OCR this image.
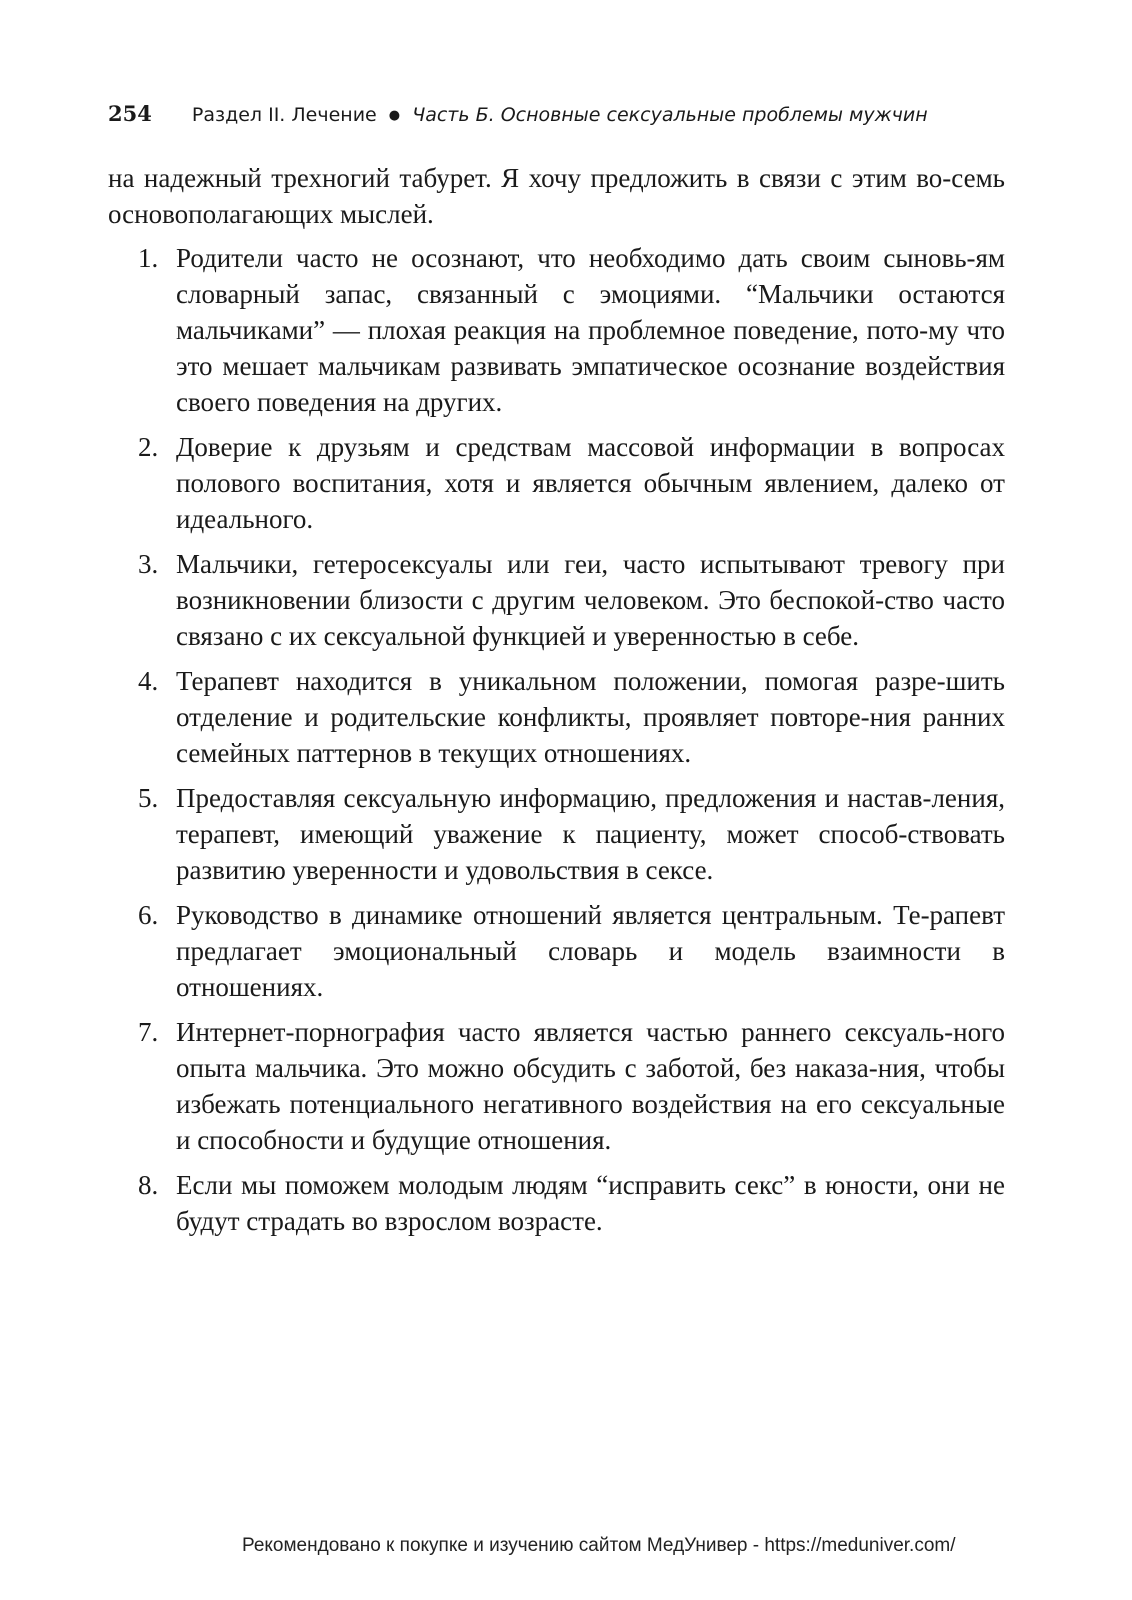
254 Раздел II. Лечение ● Часть Б. Основные сексуальные проблемы мужчин

на надежный трехногий табурет. Я хочу предложить в связи с этим во-семь основополагающих мыслей.

1. Родители часто не осознают, что необходимо дать своим сыновь-ям словарный запас, связанный с эмоциями. “Мальчики остаются мальчиками” — плохая реакция на проблемное поведение, пото-му что это мешает мальчикам развивать эмпатическое осознание воздействия своего поведения на других.
2. Доверие к друзьям и средствам массовой информации в вопросах полового воспитания, хотя и является обычным явлением, далеко от идеального.
3. Мальчики, гетеросексуалы или геи, часто испытывают тревогу при возникновении близости с другим человеком. Это беспокой-ство часто связано с их сексуальной функцией и уверенностью в себе.
4. Терапевт находится в уникальном положении, помогая разре-шить отделение и родительские конфликты, проявляет повторе-ния ранних семейных паттернов в текущих отношениях.
5. Предоставляя сексуальную информацию, предложения и настав-ления, терапевт, имеющий уважение к пациенту, может способ-ствовать развитию уверенности и удовольствия в сексе.
6. Руководство в динамике отношений является центральным. Те-рапевт предлагает эмоциональный словарь и модель взаимности в отношениях.
7. Интернет-порнография часто является частью раннего сексуаль-ного опыта мальчика. Это можно обсудить с заботой, без наказа-ния, чтобы избежать потенциального негативного воздействия на его сексуальные и способности и будущие отношения.
8. Если мы поможем молодым людям “исправить секс” в юности, они не будут страдать во взрослом возрасте.
Рекомендовано к покупке и изучению сайтом МедУнивер - https://meduniver.com/
